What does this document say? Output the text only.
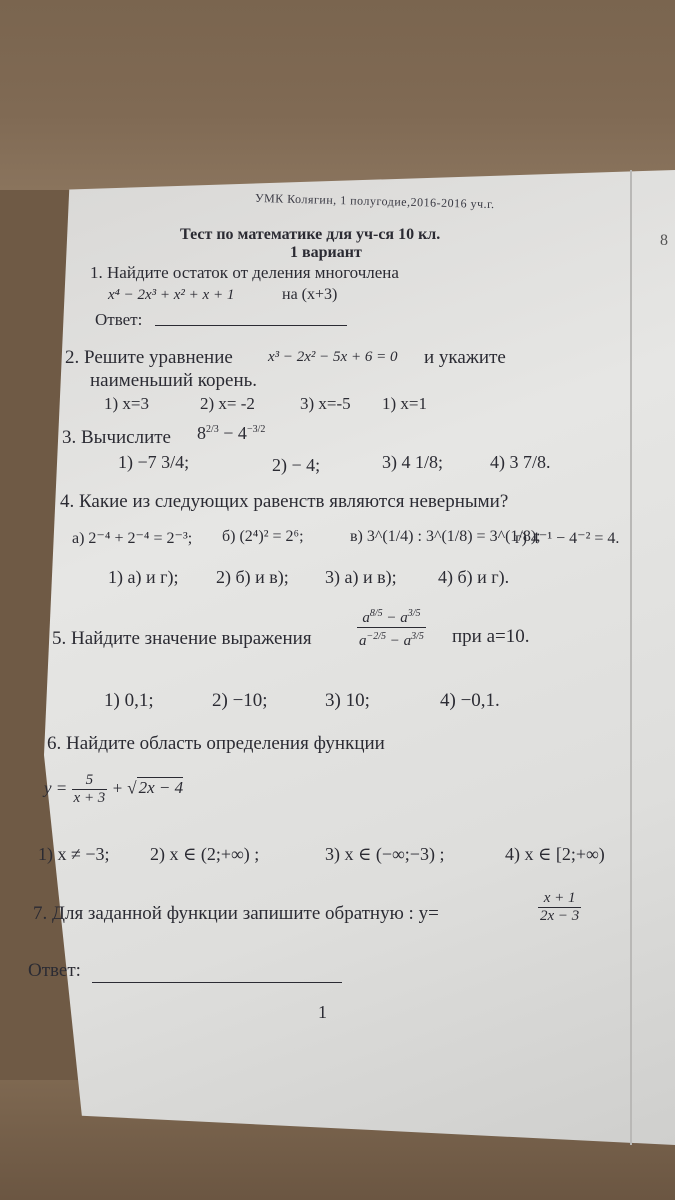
УМК Колягин, 1 полугодие,2016-2016 уч.г.
8
Тест по математике для уч-ся 10 кл.
1 вариант
1. Найдите остаток от деления многочлена
x⁴ − 2x³ + x² + x + 1	на (x+3)
Ответ:
2. Решите уравнение x³ − 2x² − 5x + 6 = 0 и укажите
наименьший корень.
1) x=3	2) x= -2	3) x=-5 1) x=1
3. Вычислите $8^{2/3} - 4^{-3/2}$
1) −7 3/4;	2) − 4;	3) 4 1/8;	4) 3 7/8.
4. Какие из следующих равенств являются неверными?
а) 2⁻⁴ + 2⁻⁴ = 2⁻³; б) (2⁴)² = 2⁶;	в) 3^(1/4) : 3^(1/8) = 3^(1/8);
г) 4⁻¹ − 4⁻² = 4.
1) а) и г); 2) б) и в); 3) а) и в); 4) б) и г).
5. Найдите значение выражения	$\frac{a^{8/5} - a^{3/5}}{a^{-2/5} - a^{3/5}}$ при a=10.
1) 0,1;	2) −10;	3) 10;	4) −0,1.
6. Найдите область определения функции
$y = \frac{5}{x + 3}$ + √ 2x − 4
1) x ≠ −3; 2) x ∈ (2;+∞) ;	3) x ∈ (−∞;−3) ;	4) x ∈ [2;+∞)
7. Для заданной функции запишите обратную : y=	$\frac{x + 1}{2x - 3}$
Ответ:
1
